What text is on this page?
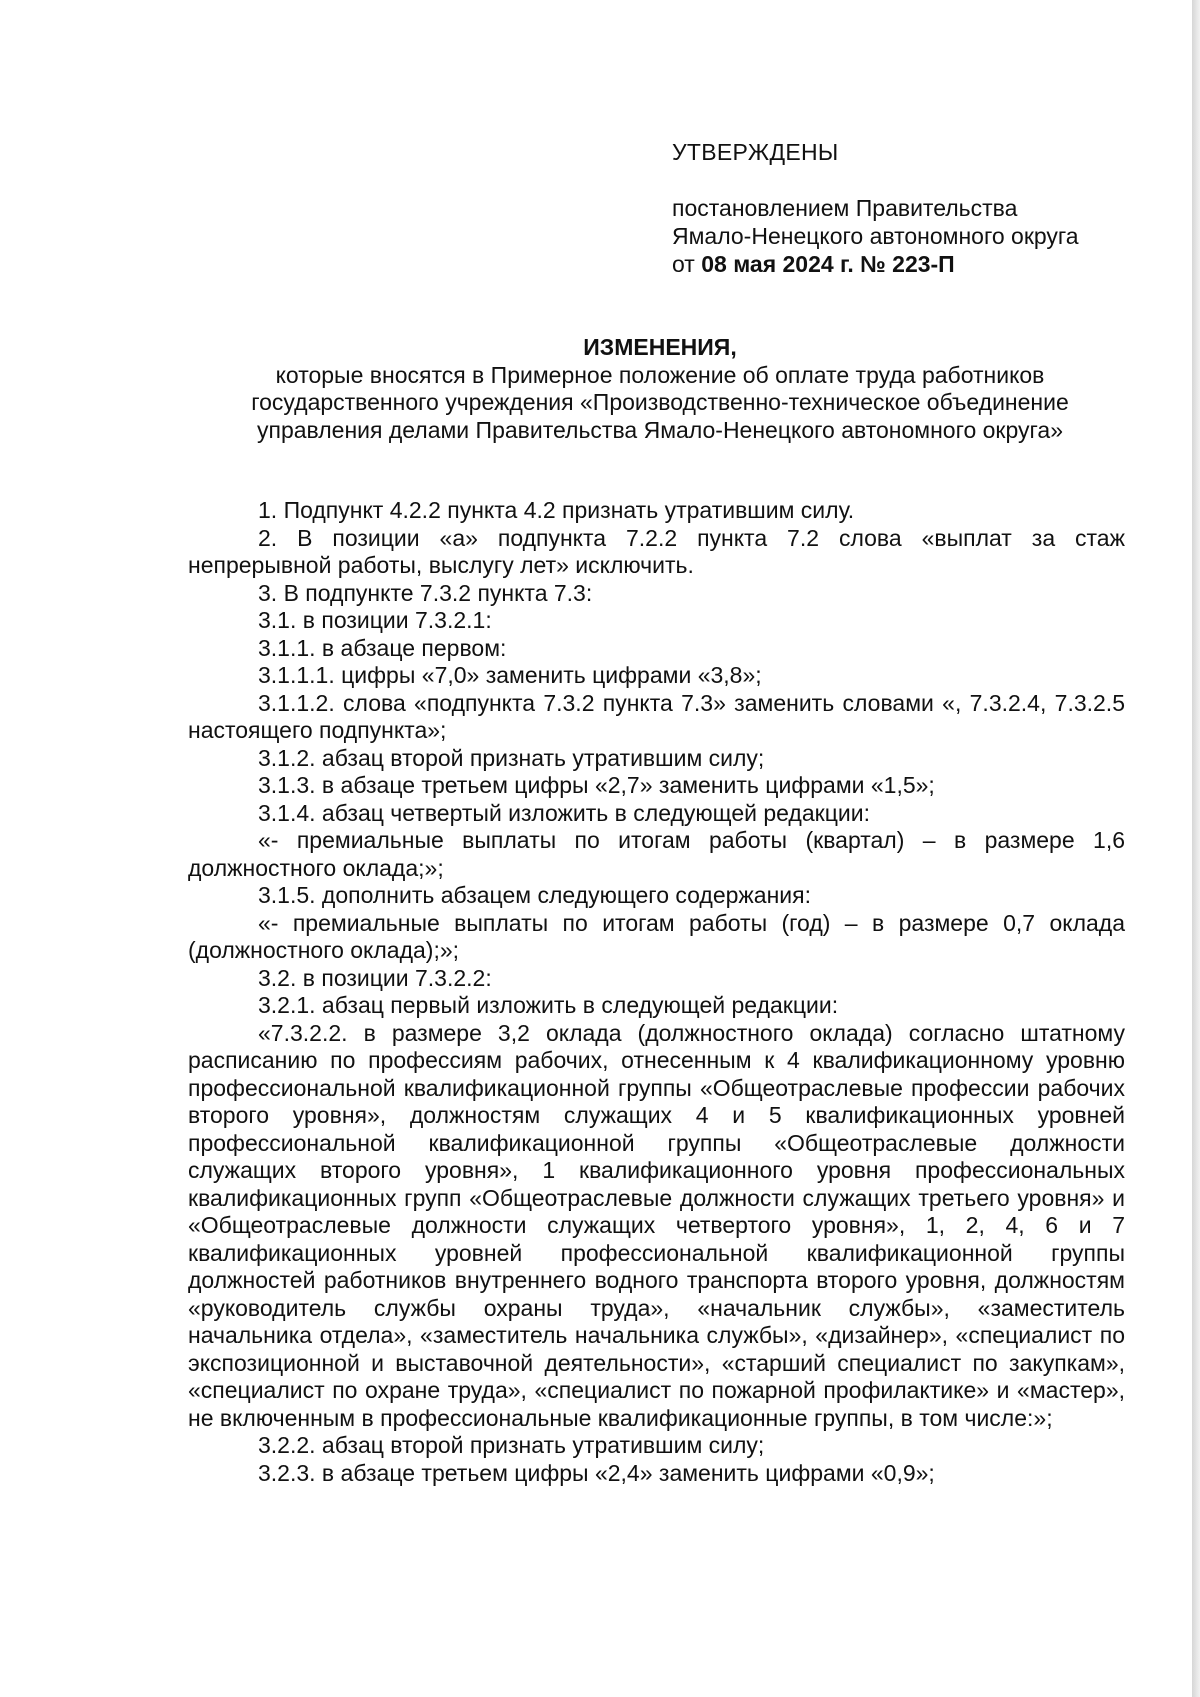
УТВЕРЖДЕНЫ

постановлением Правительства

Ямало-Ненецкого автономного округа

от 08 мая 2024 г. № 223-П

ИЗМЕНЕНИЯ,

которые вносятся в Примерное положение об оплате труда работников

государственного учреждения «Производственно-техническое объединение

управления делами Правительства Ямало-Ненецкого автономного округа»

1. Подпункт 4.2.2 пункта 4.2 признать утратившим силу.

2. В позиции «а» подпункта 7.2.2 пункта 7.2 слова «выплат за стаж непрерывной работы, выслугу лет» исключить.

3. В подпункте 7.3.2 пункта 7.3:

3.1. в позиции 7.3.2.1:

3.1.1. в абзаце первом:

3.1.1.1. цифры «7,0» заменить цифрами «3,8»;

3.1.1.2. слова «подпункта 7.3.2 пункта 7.3» заменить словами «, 7.3.2.4, 7.3.2.5 настоящего подпункта»;

3.1.2. абзац второй признать утратившим силу;

3.1.3. в абзаце третьем цифры «2,7» заменить цифрами «1,5»;

3.1.4. абзац четвертый изложить в следующей редакции:

«- премиальные выплаты по итогам работы (квартал) – в размере 1,6 должностного оклада;»;

3.1.5. дополнить абзацем следующего содержания:

«- премиальные выплаты по итогам работы (год) – в размере 0,7 оклада (должностного оклада);»;

3.2. в позиции 7.3.2.2:

3.2.1. абзац первый изложить в следующей редакции:

«7.3.2.2. в размере 3,2 оклада (должностного оклада) согласно штатному расписанию по профессиям рабочих, отнесенным к 4 квалификационному уровню профессиональной квалификационной группы «Общеотраслевые профессии рабочих второго уровня», должностям служащих 4 и 5 квалификационных уровней профессиональной квалификационной группы «Общеотраслевые должности служащих второго уровня», 1 квалификационного уровня профессиональных квалификационных групп «Общеотраслевые должности служащих третьего уровня» и «Общеотраслевые должности служащих четвертого уровня», 1, 2, 4, 6 и 7 квалификационных уровней профессиональной квалификационной группы должностей работников внутреннего водного транспорта второго уровня, должностям «руководитель службы охраны труда», «начальник службы», «заместитель начальника отдела», «заместитель начальника службы», «дизайнер», «специалист по экспозиционной и выставочной деятельности», «старший специалист по закупкам», «специалист по охране труда», «специалист по пожарной профилактике» и «мастер», не включенным в профессиональные квалификационные группы, в том числе:»;

3.2.2. абзац второй признать утратившим силу;

3.2.3. в абзаце третьем цифры «2,4» заменить цифрами «0,9»;
